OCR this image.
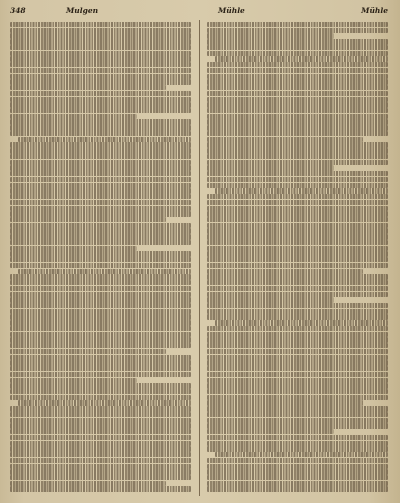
348	Mulgen	Mühle	Mühle
